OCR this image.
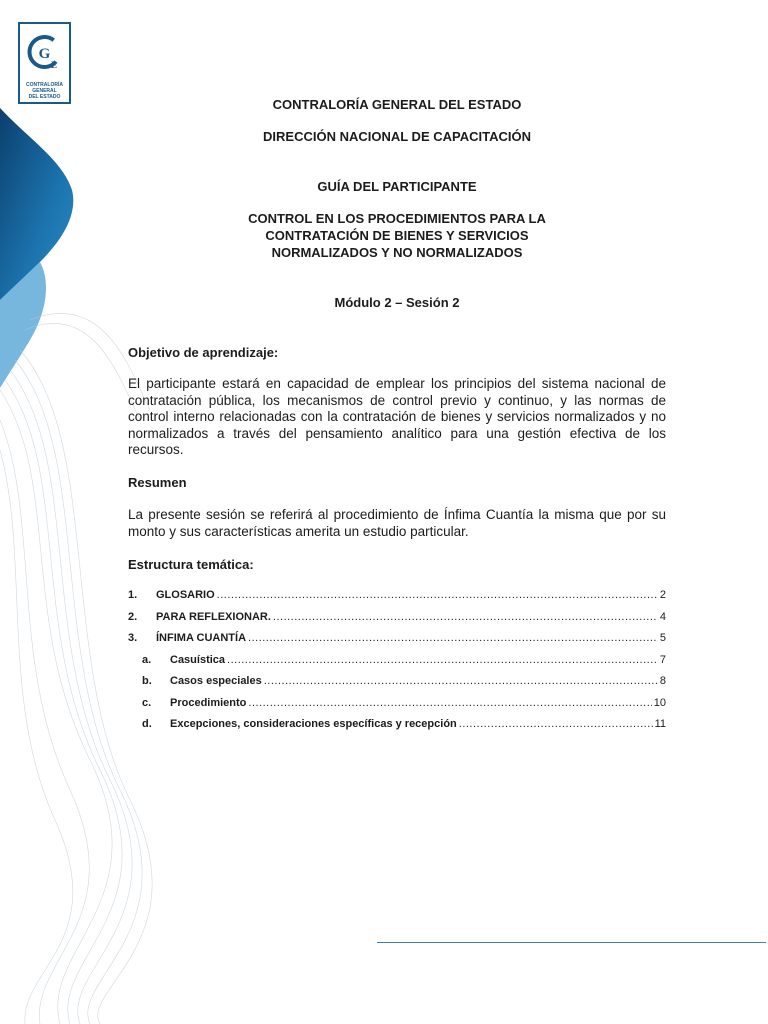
G
E
CONTRALORÍA
GENERAL
DEL ESTADO	CONTRALORÍA GENERAL DEL ESTADO

DIRECCIÓN NACIONAL DE CAPACITACIÓN

GUÍA DEL PARTICIPANTE

CONTROL EN LOS PROCEDIMIENTOS PARA LA

CONTRATACIÓN DE BIENES Y SERVICIOS

NORMALIZADOS Y NO NORMALIZADOS

Módulo 2 – Sesión 2

Objetivo de aprendizaje:

El participante estará en capacidad de emplear los principios del sistema nacional de contratación pública, los mecanismos de control previo y continuo, y las normas de control interno relacionadas con la contratación de bienes y servicios normalizados y no normalizados a través del pensamiento analítico para una gestión efectiva de los recursos.

Resumen

La presente sesión se referirá al procedimiento de Ínfima Cuantía la misma que por su monto y sus características amerita un estudio particular.

Estructura temática:

1.	GLOSARIO .....	2
2.	PARA REFLEXIONAR. .....	4
3.	ÍNFIMA CUANTÍA .....	5
a.	Casuística .....	7
b.	Casos especiales .....	8
c.	Procedimiento .....	10
d.	Excepciones, consideraciones específicas y recepción .....	11
